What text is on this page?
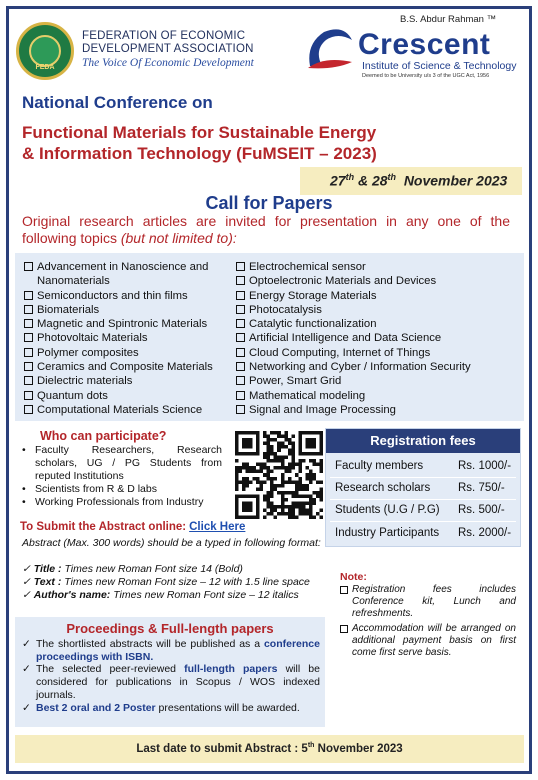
FEDA
FEDERATION OF ECONOMIC
DEVELOPMENT ASSOCIATION
The Voice Of Economic Development
B.S. Abdur Rahman ™
Crescent
Institute of Science & Technology
Deemed to be University u/s 3 of the UGC Act, 1956
National Conference on
Functional Materials for Sustainable Energy
& Information Technology (FuMSEIT – 2023)
27th & 28th  November 2023
Call for Papers
Original research articles are invited for presentation in any one of the following topics (but not limited to):
Advancement in Nanoscience and
Nanomaterials
Semiconductors and thin films
Biomaterials
Magnetic and Spintronic Materials
Photovoltaic Materials
Polymer composites
Ceramics and Composite Materials
Dielectric materials
Quantum dots
Computational Materials Science
Electrochemical sensor
Optoelectronic Materials and Devices
Energy Storage Materials
Photocatalysis
Catalytic functionalization
Artificial Intelligence and Data Science
Cloud Computing, Internet of Things
Networking and Cyber / Information Security
Power, Smart Grid
Mathematical modeling
Signal and Image Processing
Who can participate?
• Faculty Researchers, Research scholars, UG / PG Students from reputed Institutions
• Scientists from R & D labs
• Working Professionals from Industry
Registration fees
Faculty members	Rs. 1000/-
Research scholars Rs. 750/-
Students (U.G / P.G) Rs. 500/-
Industry Participants Rs. 2000/-
To Submit the Abstract online: Click Here
Abstract (Max. 300 words) should be a typed in following format:
✓ Title : Times new Roman Font size 14 (Bold)
✓ Text : Times new Roman Font size – 12 with 1.5 line space
✓ Author's name: Times new Roman Font size – 12 italics
Note:
Registration fees includes Conference kit, Lunch and refreshments.
Accommodation will be arranged on additional payment basis on first come first serve basis.
Proceedings & Full-length papers
✓ The shortlisted abstracts will be published as a conference proceedings with ISBN.
✓ The selected peer-reviewed full-length papers will be considered for publications in Scopus / WOS indexed journals.
✓ Best 2 oral and 2 Poster presentations will be awarded.
Last date to submit Abstract : 5th November 2023
